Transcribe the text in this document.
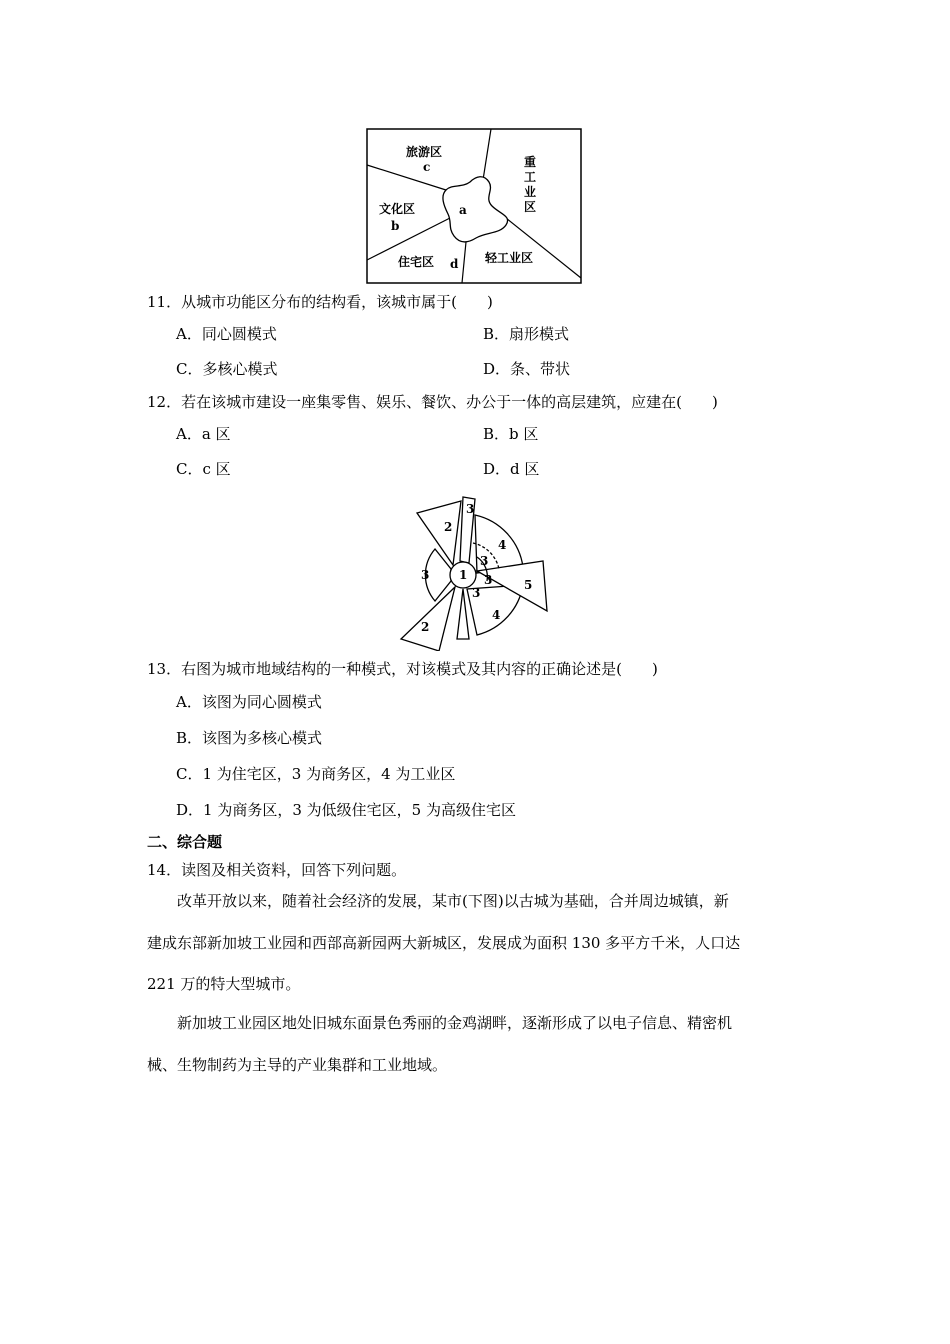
旅游区
c
文化区
b
住宅区 d
重工业区
轻工业区
a
11．从城市功能区分布的结构看，该城市属于(　　)
A．同心圆模式	B．扇形模式
C．多核心模式	D．条、带状
12．若在该城市建设一座集零售、娱乐、餐饮、办公于一体的高层建筑，应建在(　　)
A．a 区	B．b 区
C．c 区	D．d 区
1
2
2
3
3
3
3
3
4
4
5
13．右图为城市地域结构的一种模式，对该模式及其内容的正确论述是(　　)
A．该图为同心圆模式
B．该图为多核心模式
C．1 为住宅区，3 为商务区，4 为工业区
D．1 为商务区，3 为低级住宅区，5 为高级住宅区
二、综合题
14．读图及相关资料，回答下列问题。
改革开放以来，随着社会经济的发展，某市(下图)以古城为基础，合并周边城镇，新
建成东部新加坡工业园和西部高新园两大新城区，发展成为面积 130 多平方千米，人口达
221 万的特大型城市。
新加坡工业园区地处旧城东面景色秀丽的金鸡湖畔，逐渐形成了以电子信息、精密机
械、生物制药为主导的产业集群和工业地域。
